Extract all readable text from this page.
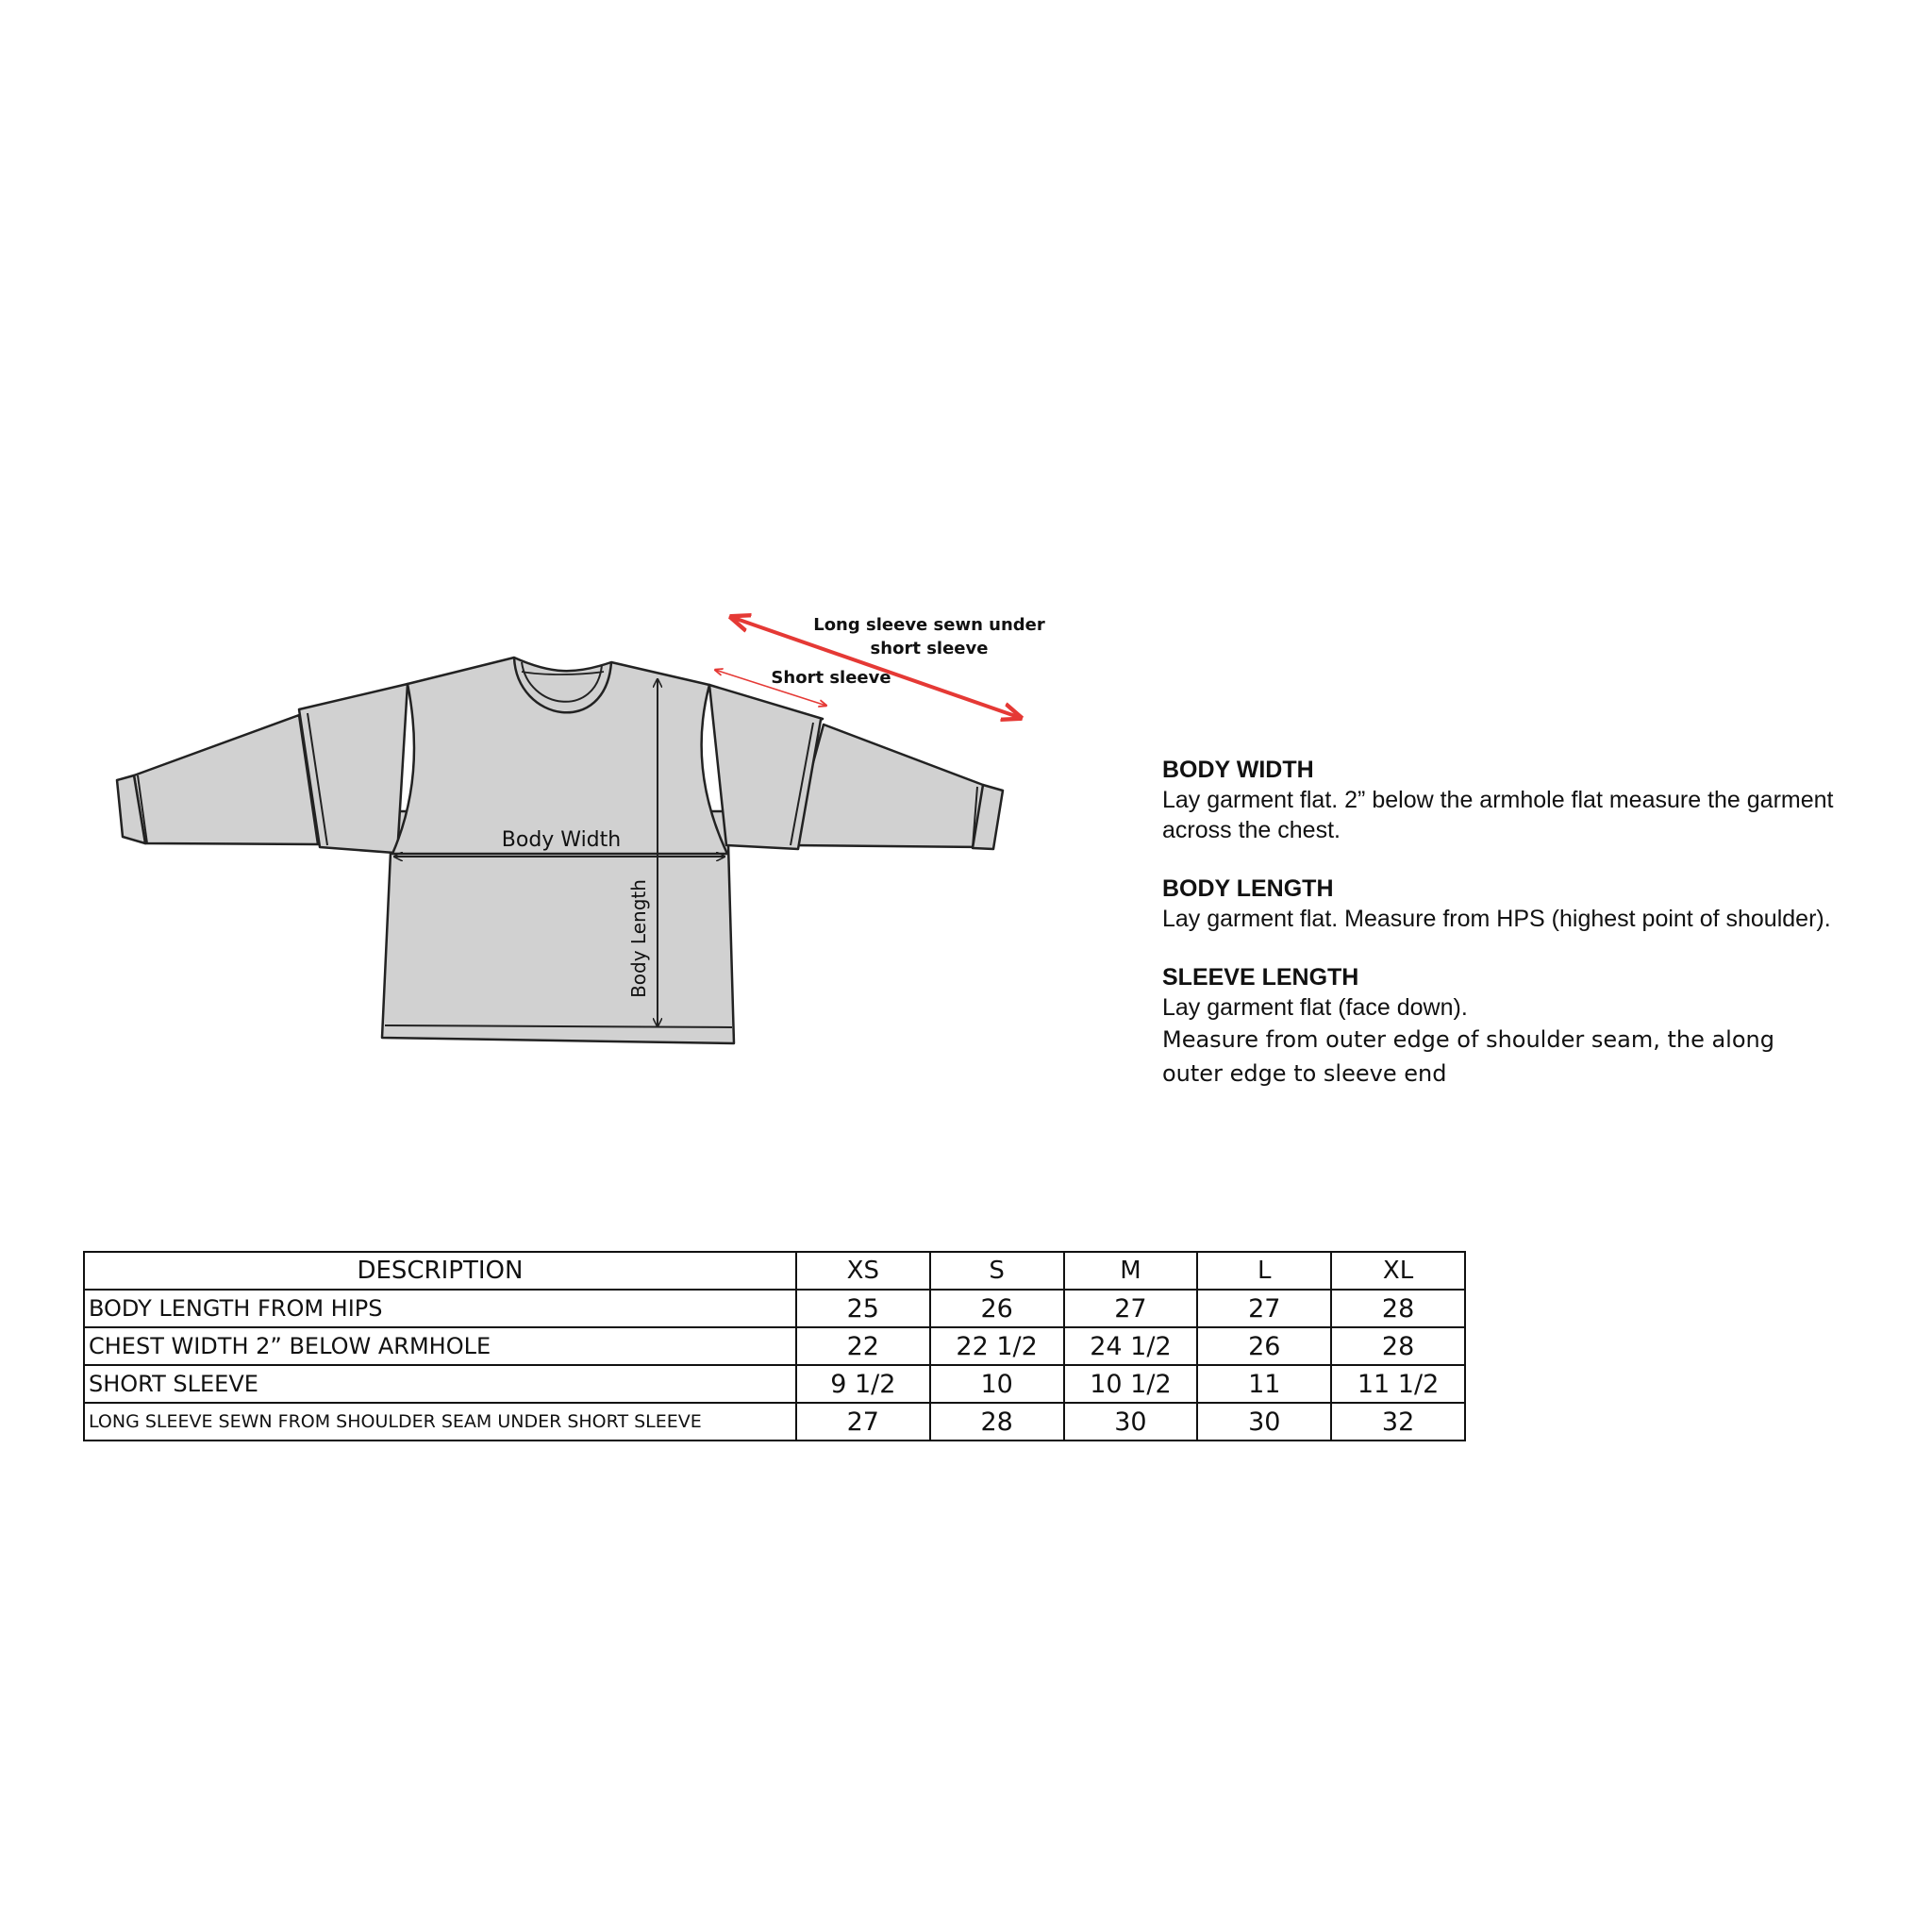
Long sleeve sewn under
short sleeve
Short sleeve
Body Width
Body Length
BODY WIDTH
Lay garment flat. 2” below the armhole flat measure the garment across the chest.
BODY LENGTH
Lay garment flat. Measure from HPS (highest point of shoulder).
SLEEVE LENGTH
Lay garment flat (face down).
Measure from outer edge of shoulder seam, the along outer edge to sleeve end
DESCRIPTION	XS	S	M	L	XL
BODY LENGTH FROM HIPS	25	26	27	27	28
CHEST WIDTH 2” BELOW ARMHOLE	22	22 1/2	24 1/2	26	28
SHORT SLEEVE	9 1/2	10	10 1/2	11	11 1/2
LONG SLEEVE SEWN FROM SHOULDER SEAM UNDER SHORT SLEEVE	27	28	30	30	32
